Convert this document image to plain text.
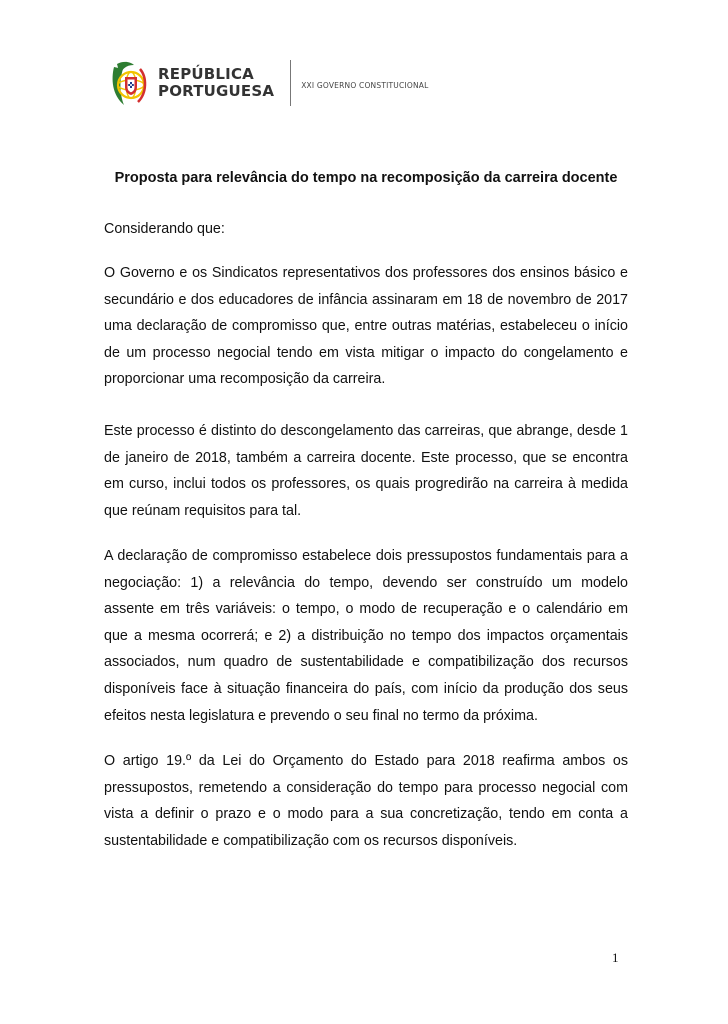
REPÚBLICA
PORTUGUESA	XXI GOVERNO CONSTITUCIONAL
Proposta para relevância do tempo na recomposição da carreira docente

Considerando que:

O Governo e os Sindicatos representativos dos professores dos ensinos básico e secundário e dos educadores de infância assinaram em 18 de novembro de 2017 uma declaração de compromisso que, entre outras matérias, estabeleceu o início de um processo negocial tendo em vista mitigar o impacto do congelamento e proporcionar uma recomposição da carreira.

Este processo é distinto do descongelamento das carreiras, que abrange, desde 1 de janeiro de 2018, também a carreira docente. Este processo, que se encontra em curso, inclui todos os professores, os quais progredirão na carreira à medida que reúnam requisitos para tal.

A declaração de compromisso estabelece dois pressupostos fundamentais para a negociação: 1) a relevância do tempo, devendo ser construído um modelo assente em três variáveis: o tempo, o modo de recuperação e o calendário em que a mesma ocorrerá; e 2) a distribuição no tempo dos impactos orçamentais associados, num quadro de sustentabilidade e compatibilização dos recursos disponíveis face à situação financeira do país, com início da produção dos seus efeitos nesta legislatura e prevendo o seu final no termo da próxima.

O artigo 19.º da Lei do Orçamento do Estado para 2018 reafirma ambos os pressupostos, remetendo a consideração do tempo para processo negocial com vista a definir o prazo e o modo para a sua concretização, tendo em conta a sustentabilidade e compatibilização com os recursos disponíveis.

1
